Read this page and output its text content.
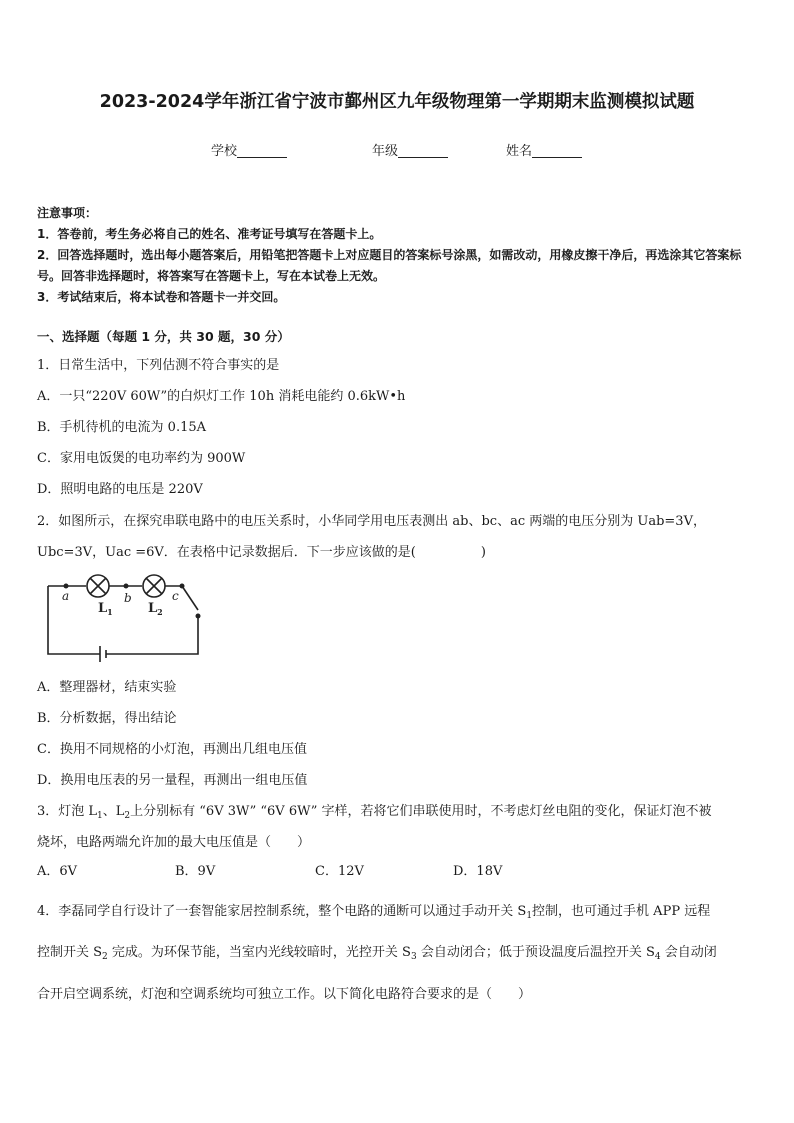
2023-2024学年浙江省宁波市鄞州区九年级物理第一学期期末监测模拟试题
学校	年级	姓名
注意事项：
1．答卷前，考生务必将自己的姓名、准考证号填写在答题卡上。
2．回答选择题时，选出每小题答案后，用铅笔把答题卡上对应题目的答案标号涂黑，如需改动，用橡皮擦干净后，再选涂其它答案标号。回答非选择题时，将答案写在答题卡上，写在本试卷上无效。
3．考试结束后，将本试卷和答题卡一并交回。
一、选择题（每题 1 分，共 30 题，30 分）
1．日常生活中，下列估测不符合事实的是
A．一只“220V 60W”的白炽灯工作 10h 消耗电能约 0.6kW•h
B．手机待机的电流为 0.15A
C．家用电饭煲的电功率约为 900W
D．照明电路的电压是 220V
2．如图所示，在探究串联电路中的电压关系时，小华同学用电压表测出 ab、bc、ac 两端的电压分别为 Uab=3V，
Ubc=3V，Uac =6V．在表格中记录数据后．下一步应该做的是(　　　　　)
a	b	c
$L_1$	$L_2$
A．整理器材，结束实验
B．分析数据，得出结论
C．换用不同规格的小灯泡，再测出几组电压值
D．换用电压表的另一量程，再测出一组电压值
3．灯泡 $L_1$、$L_2$上分别标有 “6V 3W” “6V 6W” 字样，若将它们串联使用时，不考虑灯丝电阻的变化，保证灯泡不被
烧坏，电路两端允许加的最大电压值是（　　）
A．6V	B．9V	C．12V	D．18V
4．李磊同学自行设计了一套智能家居控制系统，整个电路的通断可以通过手动开关 $S_1$控制，也可通过手机 APP 远程
控制开关 $S_2$ 完成。为环保节能，当室内光线较暗时，光控开关 $S_3$ 会自动闭合；低于预设温度后温控开关 $S_4$ 会自动闭
合开启空调系统，灯泡和空调系统均可独立工作。以下简化电路符合要求的是（　　）
